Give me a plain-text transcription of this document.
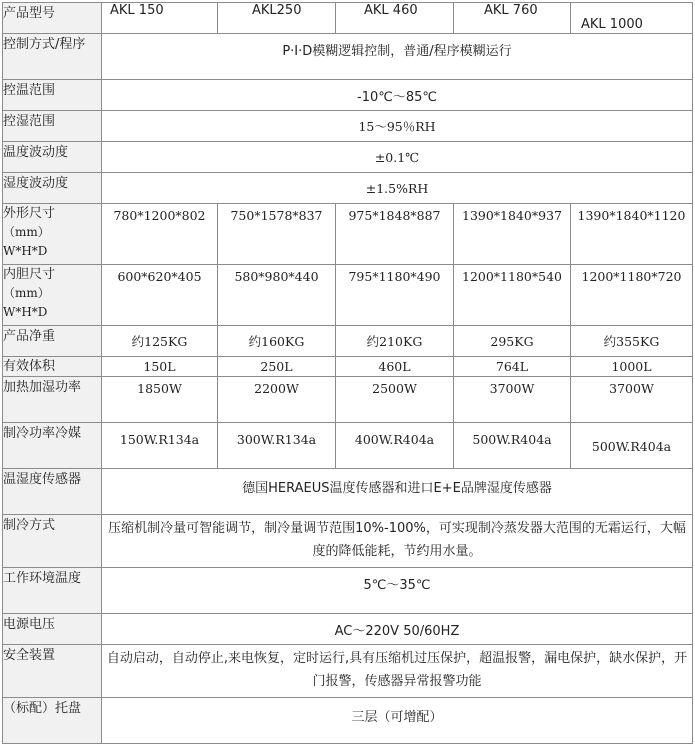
产品型号	AKL 150	AKL250	AKL 460	AKL 760	AKL 1000
控制方式/程序	P·I·D模糊逻辑控制，普通/程序模糊运行				
控温范围	-10℃～85℃				
控湿范围	15～95％RH				
温度波动度	±0.1℃				
湿度波动度	±1.5%RH				

外形尺寸
（mm）
W*H*D	780*1200*802	750*1578*837	975*1848*887	1390*1840*937	1390*1840*1120

内胆尺寸
（mm）
W*H*D	600*620*405	580*980*440	795*1180*490	1200*1180*540	1200*1180*720
产品净重	约125KG	约160KG	约210KG	295KG	约355KG
有效体积	150L	250L	460L	764L	1000L
加热加湿功率	1850W	2200W	2500W	3700W	3700W
制冷功率冷媒	150W.R134a	300W.R134a	400W.R404a	500W.R404a	500W.R404a
温湿度传感器	德国HERAEUS温度传感器和进口E+E品牌湿度传感器				
制冷方式	压缩机制冷量可智能调节，制冷量调节范围10%-100%，可实现制冷蒸发器大范围的无霜运行，大幅度的降低能耗，节约用水量。				
工作环境温度	5℃～35℃				
电源电压	AC～220V 50/60HZ				
安全装置	自动启动，自动停止,来电恢复，定时运行,具有压缩机过压保护，超温报警，漏电保护，缺水保护，开门报警，传感器异常报警功能				
（标配）托盘	三层（可增配）				
